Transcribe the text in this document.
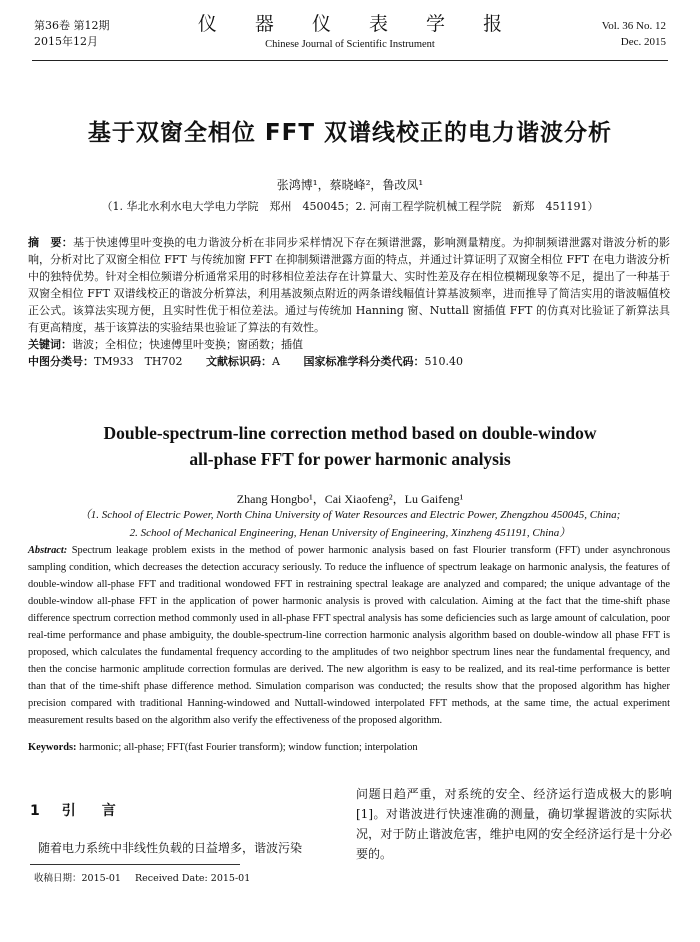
第36卷 第12期
2015年12月
仪 器 仪 表 学 报
Chinese Journal of Scientific Instrument
Vol. 36 No. 12
Dec. 2015
基于双窗全相位 FFT 双谱线校正的电力谐波分析
张鸿博¹，蔡晓峰²，鲁改凤¹
（1. 华北水利水电大学电力学院　郑州　450045；2. 河南工程学院机械工程学院　新郑　451191）
摘　要：基于快速傅里叶变换的电力谐波分析在非同步采样情况下存在频谱泄露，影响测量精度。为抑制频谱泄露对谐波分析的影响，分析对比了双窗全相位 FFT 与传统加窗 FFT 在抑制频谱泄露方面的特点，并通过计算证明了双窗全相位 FFT 在电力谐波分析中的独特优势。针对全相位频谱分析通常采用的时移相位差法存在计算量大、实时性差及存在相位模糊现象等不足，提出了一种基于双窗全相位 FFT 双谱线校正的谐波分析算法，利用基波频点附近的两条谱线幅值计算基波频率，进而推导了简洁实用的谐波幅值校正公式。该算法实现方便，且实时性优于相位差法。通过与传统加 Hanning 窗、Nuttall 窗插值 FFT 的仿真对比验证了新算法具有更高精度，基于该算法的实验结果也验证了算法的有效性。
关键词：谐波；全相位；快速傅里叶变换；窗函数；插值
中图分类号：TM933　TH702 文献标识码：A 国家标准学科分类代码：510.40
Double-spectrum-line correction method based on double-window
all-phase FFT for power harmonic analysis
Zhang Hongbo¹，Cai Xiaofeng²，Lu Gaifeng¹
（1. School of Electric Power, North China University of Water Resources and Electric Power, Zhengzhou 450045, China;
2. School of Mechanical Engineering, Henan University of Engineering, Xinzheng 451191, China）
Abstract: Spectrum leakage problem exists in the method of power harmonic analysis based on fast Flourier transform (FFT) under asynchronous sampling condition, which decreases the detection accuracy seriously. To reduce the influence of spectrum leakage on harmonic analysis, the features of double-window all-phase FFT and traditional wondowed FFT in restraining spectral leakage are analyzed and compared; the unique advantage of the double-window all-phase FFT in the application of power harmonic analysis is proved with calculation. Aiming at the fact that the time-shift phase difference spectrum correction method commonly used in all-phase FFT spectral analysis has some deficiencies such as large amount of calculation, poor real-time performance and phase ambiguity, the double-spectrum-line correction harmonic analysis algorithm based on double-window all phase FFT is proposed, which calculates the fundamental frequency according to the amplitudes of two neighbor spectrum lines near the fundamental frequency, and then the concise harmonic amplitude correction formulas are derived. The new algorithm is easy to be realized, and its real-time performance is better than that of the time-shift phase difference method. Simulation comparison was conducted; the results show that the proposed algorithm has higher precision compared with traditional Hanning-windowed and Nuttall-windowed interpolated FFT methods, at the same time, the actual experiment measurement results based on the algorithm also verify the effectiveness of the proposed algorithm.
Keywords: harmonic; all-phase; FFT(fast Fourier transform); window function; interpolation
1 引言
随着电力系统中非线性负载的日益增多，谐波污染
问题日趋严重，对系统的安全、经济运行造成极大的影响[1]。对谐波进行快速准确的测量，确切掌握谐波的实际状况，对于防止谐波危害，维护电网的安全经济运行是十分必要的。
收稿日期：2015-01 Received Date: 2015-01
